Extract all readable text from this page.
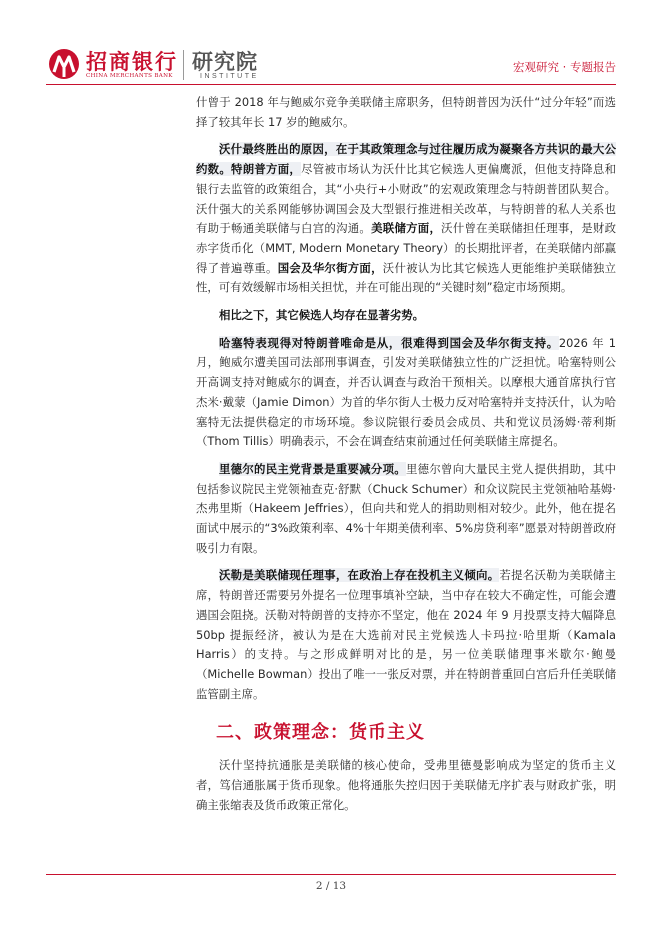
招商银行
CHINA MERCHANTS BANK
研究院
INSTITUTE
宏观研究 · 专题报告

什曾于 2018 年与鲍威尔竞争美联储主席职务，但特朗普因为沃什“过分年轻”而选择了较其年长 17 岁的鲍威尔。

沃什最终胜出的原因，在于其政策理念与过往履历成为凝聚各方共识的最大公约数。特朗普方面，尽管被市场认为沃什比其它候选人更偏鹰派，但他支持降息和银行去监管的政策组合，其“小央行+小财政”的宏观政策理念与特朗普团队契合。沃什强大的关系网能够协调国会及大型银行推进相关改革，与特朗普的私人关系也有助于畅通美联储与白宫的沟通。美联储方面，沃什曾在美联储担任理事，是财政赤字货币化（MMT, Modern Monetary Theory）的长期批评者，在美联储内部赢得了普遍尊重。国会及华尔街方面，沃什被认为比其它候选人更能维护美联储独立性，可有效缓解市场相关担忧，并在可能出现的“关键时刻”稳定市场预期。

相比之下，其它候选人均存在显著劣势。

哈塞特表现得对特朗普唯命是从，很难得到国会及华尔街支持。2026 年 1 月，鲍威尔遭美国司法部刑事调查，引发对美联储独立性的广泛担忧。哈塞特则公开高调支持对鲍威尔的调查，并否认调查与政治干预相关。以摩根大通首席执行官杰米·戴蒙（Jamie Dimon）为首的华尔街人士极力反对哈塞特并支持沃什，认为哈塞特无法提供稳定的市场环境。参议院银行委员会成员、共和党议员汤姆·蒂利斯（Thom Tillis）明确表示，不会在调查结束前通过任何美联储主席提名。

里德尔的民主党背景是重要减分项。里德尔曾向大量民主党人提供捐助，其中包括参议院民主党领袖查克·舒默（Chuck Schumer）和众议院民主党领袖哈基姆·杰弗里斯（Hakeem Jeffries），但向共和党人的捐助则相对较少。此外，他在提名面试中展示的“3%政策利率、4%十年期美债利率、5%房贷利率”愿景对特朗普政府吸引力有限。

沃勒是美联储现任理事，在政治上存在投机主义倾向。若提名沃勒为美联储主席，特朗普还需要另外提名一位理事填补空缺，当中存在较大不确定性，可能会遭遇国会阻挠。沃勒对特朗普的支持亦不坚定，他在 2024 年 9 月投票支持大幅降息 50bp 提振经济，被认为是在大选前对民主党候选人卡玛拉·哈里斯（Kamala Harris）的支持。与之形成鲜明对比的是，另一位美联储理事米歇尔·鲍曼（Michelle Bowman）投出了唯一一张反对票，并在特朗普重回白宫后升任美联储监管副主席。

二、政策理念：货币主义

沃什坚持抗通胀是美联储的核心使命，受弗里德曼影响成为坚定的货币主义者，笃信通胀属于货币现象。他将通胀失控归因于美联储无序扩表与财政扩张，明确主张缩表及货币政策正常化。

2 / 13
